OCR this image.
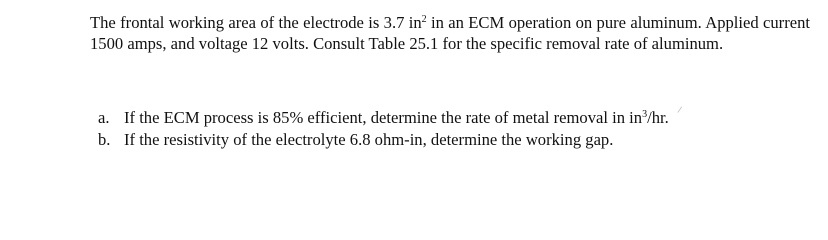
The frontal working area of the electrode is 3.7 $in^2$ in an ECM operation on pure aluminum. Applied current 1500 amps, and voltage 12 volts. Consult Table 25.1 for the specific removal rate of aluminum.

a. If the ECM process is 85% efficient, determine the rate of metal removal in $in^3/hr$.
b. If the resistivity of the electrolyte 6.8 ohm-in, determine the working gap.
